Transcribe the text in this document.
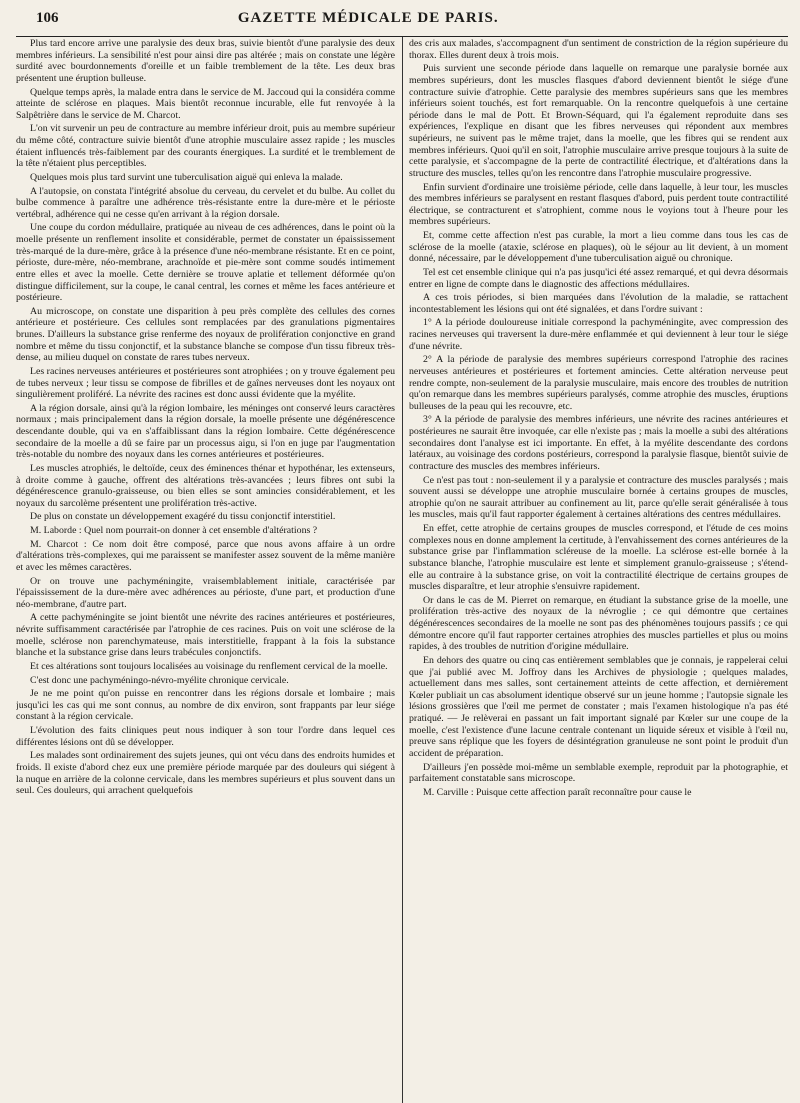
106	GAZETTE MÉDICALE DE PARIS.

Plus tard encore arrive une paralysie des deux bras, suivie bientôt d'une paralysie des deux membres inférieurs. La sensibilité n'est pour ainsi dire pas altérée ; mais on constate une légère surdité avec bourdonnements d'oreille et un faible tremblement de la tête. Les deux bras présentent une éruption bulleuse.

Quelque temps après, la malade entra dans le service de M. Jaccoud qui la considéra comme atteinte de sclérose en plaques. Mais bientôt reconnue incurable, elle fut renvoyée à la Salpêtrière dans le service de M. Charcot.

L'on vit survenir un peu de contracture au membre inférieur droit, puis au membre supérieur du même côté, contracture suivie bientôt d'une atrophie musculaire assez rapide ; les muscles étaient influencés très-faiblement par des courants énergiques. La surdité et le tremblement de la tête n'étaient plus perceptibles.

Quelques mois plus tard survint une tuberculisation aiguë qui enleva la malade.

A l'autopsie, on constata l'intégrité absolue du cerveau, du cervelet et du bulbe. Au collet du bulbe commence à paraître une adhérence très-résistante entre la dure-mère et le périoste vertébral, adhérence qui ne cesse qu'en arrivant à la région dorsale.

Une coupe du cordon médullaire, pratiquée au niveau de ces adhérences, dans le point où la moelle présente un renflement insolite et considérable, permet de constater un épaississement très-marqué de la dure-mère, grâce à la présence d'une néo-membrane résistante. Et en ce point, périoste, dure-mère, néo-membrane, arachnoïde et pie-mère sont comme soudés intimement entre elles et avec la moelle. Cette dernière se trouve aplatie et tellement déformée qu'on distingue difficilement, sur la coupe, le canal central, les cornes et même les faces antérieure et postérieure.

Au microscope, on constate une disparition à peu près complète des cellules des cornes antérieure et postérieure. Ces cellules sont remplacées par des granulations pigmentaires brunes. D'ailleurs la substance grise renferme des noyaux de prolifération conjonctive en grand nombre et même du tissu conjonctif, et la substance blanche se compose d'un tissu fibreux très-dense, au milieu duquel on constate de rares tubes nerveux.

Les racines nerveuses antérieures et postérieures sont atrophiées ; on y trouve également peu de tubes nerveux ; leur tissu se compose de fibrilles et de gaînes nerveuses dont les noyaux ont singulièrement proliféré. La névrite des racines est donc aussi évidente que la myélite.

A la région dorsale, ainsi qu'à la région lombaire, les méninges ont conservé leurs caractères normaux ; mais principalement dans la région dorsale, la moelle présente une dégénérescence descendante double, qui va en s'affaiblissant dans la région lombaire. Cette dégénérescence secondaire de la moelle a dû se faire par un processus aigu, si l'on en juge par l'augmentation très-notable du nombre des noyaux dans les cornes antérieures et postérieures.

Les muscles atrophiés, le deltoïde, ceux des éminences thénar et hypothénar, les extenseurs, à droite comme à gauche, offrent des altérations très-avancées ; leurs fibres ont subi la dégénérescence granulo-graisseuse, ou bien elles se sont amincies considérablement, et les noyaux du sarcolème présentent une prolifération très-active.

De plus on constate un développement exagéré du tissu conjonctif interstitiel.

M. Laborde : Quel nom pourrait-on donner à cet ensemble d'altérations ?

M. Charcot : Ce nom doit être composé, parce que nous avons affaire à un ordre d'altérations très-complexes, qui me paraissent se manifester assez souvent de la même manière et avec les mêmes caractères.

Or on trouve une pachyméningite, vraisemblablement initiale, caractérisée par l'épaississement de la dure-mère avec adhérences au périoste, d'une part, et production d'une néo-membrane, d'autre part.

A cette pachyméningite se joint bientôt une névrite des racines antérieures et postérieures, névrite suffisamment caractérisée par l'atrophie de ces racines. Puis on voit une sclérose de la moelle, sclérose non parenchymateuse, mais interstitielle, frappant à la fois la substance blanche et la substance grise dans leurs trabécules conjonctifs.

Et ces altérations sont toujours localisées au voisinage du renflement cervical de la moelle.

C'est donc une pachyméningo-névro-myélite chronique cervicale.

Je ne me point qu'on puisse en rencontrer dans les régions dorsale et lombaire ; mais jusqu'ici les cas qui me sont connus, au nombre de dix environ, sont frappants par leur siége constant à la région cervicale.

L'évolution des faits cliniques peut nous indiquer à son tour l'ordre dans lequel ces différentes lésions ont dû se développer.

Les malades sont ordinairement des sujets jeunes, qui ont vécu dans des endroits humides et froids. Il existe d'abord chez eux une première période marquée par des douleurs qui siégent à la nuque en arrière de la colonne cervicale, dans les membres supérieurs et plus souvent dans un seul. Ces douleurs, qui arrachent quelquefois

des cris aux malades, s'accompagnent d'un sentiment de constriction de la région supérieure du thorax. Elles durent deux à trois mois.

Puis survient une seconde période dans laquelle on remarque une paralysie bornée aux membres supérieurs, dont les muscles flasques d'abord deviennent bientôt le siége d'une contracture suivie d'atrophie. Cette paralysie des membres supérieurs sans que les membres inférieurs soient touchés, est fort remarquable. On la rencontre quelquefois à une certaine période dans le mal de Pott. Et Brown-Séquard, qui l'a également reproduite dans ses expériences, l'explique en disant que les fibres nerveuses qui répondent aux membres supérieurs, ne suivent pas le même trajet, dans la moelle, que les fibres qui se rendent aux membres inférieurs. Quoi qu'il en soit, l'atrophie musculaire arrive presque toujours à la suite de cette paralysie, et s'accompagne de la perte de contractilité électrique, et d'altérations dans la structure des muscles, telles qu'on les rencontre dans l'atrophie musculaire progressive.

Enfin survient d'ordinaire une troisième période, celle dans laquelle, à leur tour, les muscles des membres inférieurs se paralysent en restant flasques d'abord, puis perdent toute contractilité électrique, se contracturent et s'atrophient, comme nous le voyions tout à l'heure pour les membres supérieurs.

Et, comme cette affection n'est pas curable, la mort a lieu comme dans tous les cas de sclérose de la moelle (ataxie, sclérose en plaques), où le séjour au lit devient, à un moment donné, nécessaire, par le développement d'une tuberculisation aiguë ou chronique.

Tel est cet ensemble clinique qui n'a pas jusqu'ici été assez remarqué, et qui devra désormais entrer en ligne de compte dans le diagnostic des affections médullaires.

A ces trois périodes, si bien marquées dans l'évolution de la maladie, se rattachent incontestablement les lésions qui ont été signalées, et dans l'ordre suivant :

1° A la période douloureuse initiale correspond la pachyméningite, avec compression des racines nerveuses qui traversent la dure-mère enflammée et qui deviennent à leur tour le siége d'une névrite.

2° A la période de paralysie des membres supérieurs correspond l'atrophie des racines nerveuses antérieures et postérieures et fortement amincies. Cette altération nerveuse peut rendre compte, non-seulement de la paralysie musculaire, mais encore des troubles de nutrition qu'on remarque dans les membres supérieurs paralysés, comme atrophie des muscles, éruptions bulleuses de la peau qui les recouvre, etc.

3° A la période de paralysie des membres inférieurs, une névrite des racines antérieures et postérieures ne saurait être invoquée, car elle n'existe pas ; mais la moelle a subi des altérations secondaires dont l'analyse est ici importante. En effet, à la myélite descendante des cordons latéraux, au voisinage des cordons postérieurs, correspond la paralysie flasque, bientôt suivie de contracture des muscles des membres inférieurs.

Ce n'est pas tout : non-seulement il y a paralysie et contracture des muscles paralysés ; mais souvent aussi se développe une atrophie musculaire bornée à certains groupes de muscles, atrophie qu'on ne saurait attribuer au confinement au lit, parce qu'elle serait généralisée à tous les muscles, mais qu'il faut rapporter également à certaines altérations des centres médullaires.

En effet, cette atrophie de certains groupes de muscles correspond, et l'étude de ces moins complexes nous en donne amplement la certitude, à l'envahissement des cornes antérieures de la substance grise par l'inflammation scléreuse de la moelle. La sclérose est-elle bornée à la substance blanche, l'atrophie musculaire est lente et simplement granulo-graisseuse ; s'étend-elle au contraire à la substance grise, on voit la contractilité électrique de certains groupes de muscles disparaître, et leur atrophie s'ensuivre rapidement.

Or dans le cas de M. Pierret on remarque, en étudiant la substance grise de la moelle, une prolifération très-active des noyaux de la névroglie ; ce qui démontre que certaines dégénérescences secondaires de la moelle ne sont pas des phénomènes toujours passifs ; ce qui démontre encore qu'il faut rapporter certaines atrophies des muscles partielles et plus ou moins rapides, à des troubles de nutrition d'origine médullaire.

En dehors des quatre ou cinq cas entièrement semblables que je connais, je rappelerai celui que j'ai publié avec M. Joffroy dans les Archives de physiologie ; quelques malades, actuellement dans mes salles, sont certainement atteints de cette affection, et dernièrement Kœler publiait un cas absolument identique observé sur un jeune homme ; l'autopsie signale les lésions grossières que l'œil me permet de constater ; mais l'examen histologique n'a pas été pratiqué. — Je relèverai en passant un fait important signalé par Kœler sur une coupe de la moelle, c'est l'existence d'une lacune centrale contenant un liquide séreux et visible à l'œil nu, preuve sans réplique que les foyers de désintégration granuleuse ne sont point le produit d'un accident de préparation.

D'ailleurs j'en possède moi-même un semblable exemple, reproduit par la photographie, et parfaitement constatable sans microscope.

M. Carville : Puisque cette affection paraît reconnaître pour cause le
